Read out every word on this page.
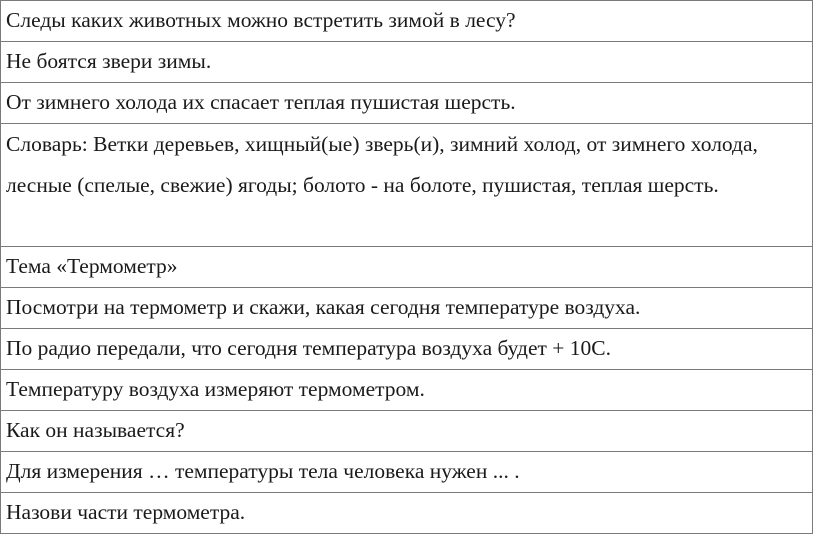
Следы каких животных можно встретить зимой в лесу?
Не боятся звери зимы.
От зимнего холода их спасает теплая пушистая шерсть.
Словарь: Ветки деревьев, хищный(ые) зверь(и), зимний холод, от зимнего холода, лесные (спелые, свежие) ягоды; болото - на болоте, пушистая, теплая шерсть.
Тема «Термометр»
Посмотри на термометр и скажи, какая сегодня температуре воздуха.
По радио передали, что сегодня температура воздуха будет + 10С.
Температуру воздуха измеряют термометром.
Как он называется?
Для измерения … температуры тела человека нужен ... .
Назови части термометра.
